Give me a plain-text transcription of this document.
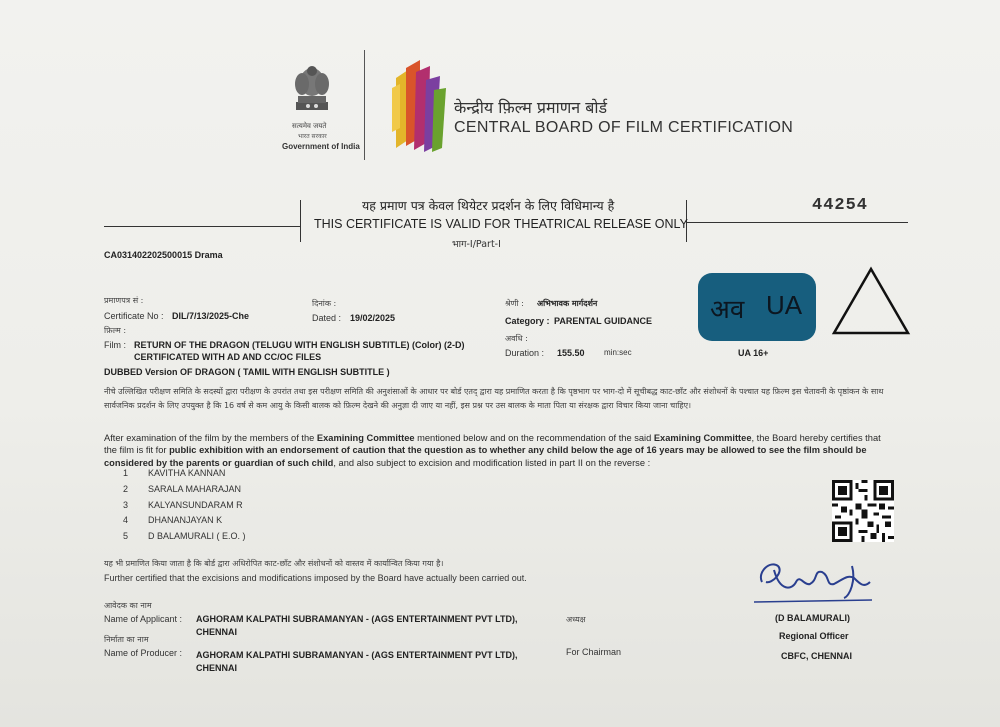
सत्यमेव जयते
भारत सरकार
Government of India
केन्द्रीय फ़िल्म प्रमाणन बोर्ड
CENTRAL BOARD OF FILM CERTIFICATION
यह प्रमाण पत्र केवल थियेटर प्रदर्शन के लिए विधिमान्य है
THIS CERTIFICATE IS VALID FOR THEATRICAL RELEASE ONLY
भाग-I/Part-I
44254
CA031402202500015 Drama
प्रमाणपत्र सं :
Certificate No : DIL/7/13/2025-Che
दिनांक :
Dated : 19/02/2025
श्रेणी : अभिभावक मार्गदर्शन
Category : PARENTAL GUIDANCE
अवधि :
Duration : 155.50 min:sec
फ़िल्म :
Film : RETURN OF THE DRAGON (TELUGU WITH ENGLISH SUBTITLE) (Color) (2-D)
CERTIFICATED WITH AD AND CC/OC FILES
DUBBED Version OF DRAGON ( TAMIL WITH ENGLISH SUBTITLE )
अव UA
UA 16+
नीचे उल्लिखित परीक्षण समिति के सदस्यों द्वारा परीक्षण के उपरांत तथा इस परीक्षण समिति की अनुशंसाओं के आधार पर बोर्ड एतद् द्वारा यह प्रमाणित करता है कि पृष्ठभाग पर भाग-दो में सूचीबद्ध काट-छाँट और संशोधनों के पश्चात यह फ़िल्म इस चेतावनी के पृष्ठांकन के साथ सार्वजनिक प्रदर्शन के लिए उपयुक्त है कि 16 वर्ष से कम आयु के किसी बालक को फ़िल्म देखने की अनुज्ञा दी जाए या नहीं, इस प्रश्न पर उस बालक के माता पिता या संरक्षक द्वारा विचार किया जाना चाहिए।
After examination of the film by the members of the Examining Committee mentioned below and on the recommendation of the said Examining Committee, the Board hereby certifies that the film is fit for public exhibition with an endorsement of caution that the question as to whether any child below the age of 16 years may be allowed to see the film should be considered by the parents or guardian of such child, and also subject to excision and modification listed in part II on the reverse :
1 KAVITHA KANNAN
2 SARALA MAHARAJAN
3 KALYANSUNDARAM R
4 DHANANJAYAN K
5 D BALAMURALI ( E.O. )
यह भी प्रमाणित किया जाता है कि बोर्ड द्वारा अधिरोपित काट-छाँट और संशोधनों को वास्तव में कार्यान्वित किया गया है।
Further certified that the excisions and modifications imposed by the Board have actually been carried out.
आवेदक का नाम
Name of Applicant : AGHORAM KALPATHI SUBRAMANYAN - (AGS ENTERTAINMENT PVT LTD),
CHENNAI
निर्माता का नाम
Name of Producer : AGHORAM KALPATHI SUBRAMANYAN - (AGS ENTERTAINMENT PVT LTD),
CHENNAI
अध्यक्ष
For Chairman
(D BALAMURALI)
Regional Officer
CBFC, CHENNAI
